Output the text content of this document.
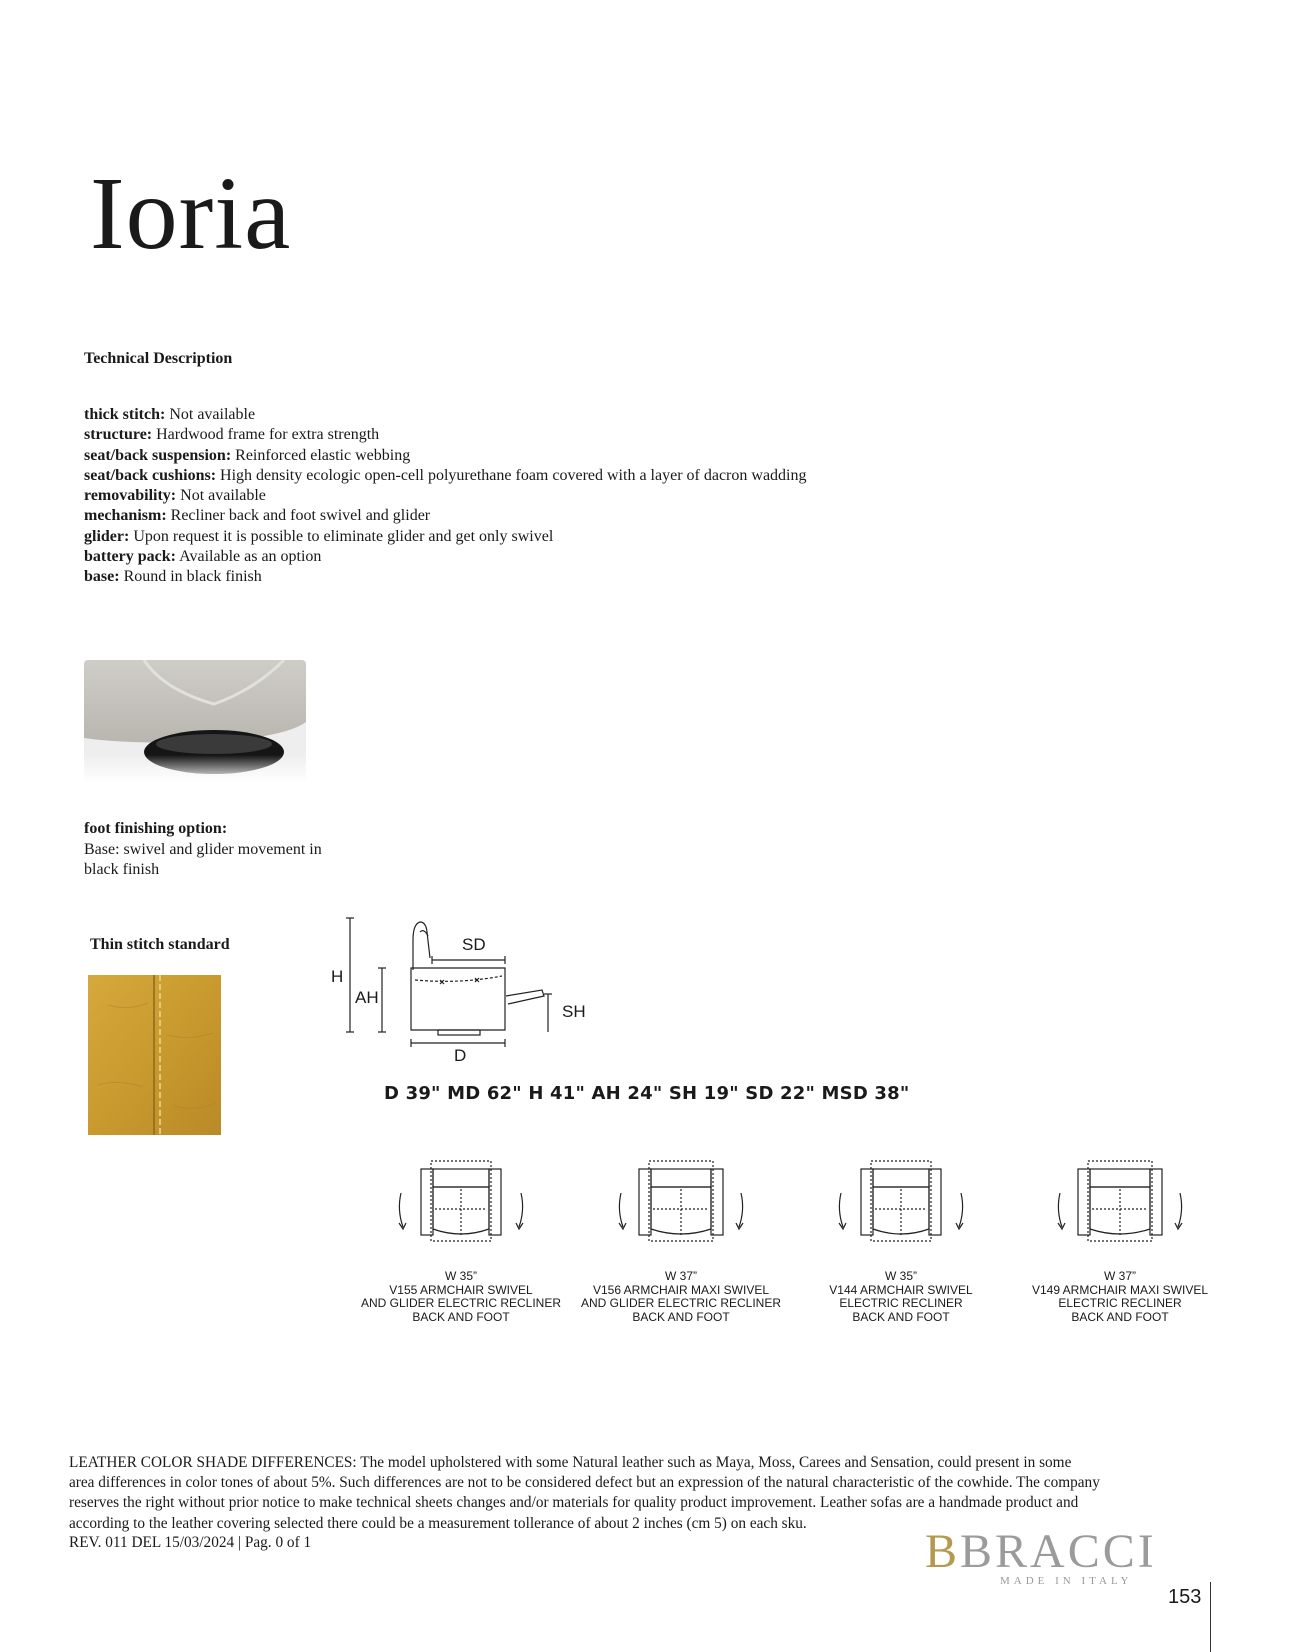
Ioria
Technical Description
thick stitch: Not available
structure: Hardwood frame for extra strength
seat/back suspension: Reinforced elastic webbing
seat/back cushions: High density ecologic open-cell polyurethane foam covered with a layer of dacron wadding
removability: Not available
mechanism: Recliner back and foot swivel and glider
glider: Upon request it is possible to eliminate glider and get only swivel
battery pack: Available as an option
base: Round in black finish
foot finishing option:
Base: swivel and glider movement in
black finish
Thin stitch standard
H
AH
SD
SH
D
D 39" MD 62" H 41" AH 24" SH 19" SD 22" MSD 38"
W 35”
V155 ARMCHAIR SWIVEL
AND GLIDER ELECTRIC RECLINER
BACK AND FOOT
W 37”
V156 ARMCHAIR MAXI SWIVEL
AND GLIDER ELECTRIC RECLINER
BACK AND FOOT
W 35”
V144 ARMCHAIR SWIVEL
ELECTRIC RECLINER
BACK AND FOOT
W 37”
V149 ARMCHAIR MAXI SWIVEL
ELECTRIC RECLINER
BACK AND FOOT
LEATHER COLOR SHADE DIFFERENCES: The model upholstered with some Natural leather such as Maya, Moss, Carees and Sensation, could present in some
area differences in color tones of about 5%. Such differences are not to be considered defect but an expression of the natural characteristic of the cowhide. The company
reserves the right without prior notice to make technical sheets changes and/or materials for quality product improvement. Leather sofas are a handmade product and
according to the leather covering selected there could be a measurement tollerance of about 2 inches (cm 5) on each sku.
REV. 011 DEL 15/03/2024 | Pag. 0 of 1	BBRACCI
MADE IN ITALY
153
